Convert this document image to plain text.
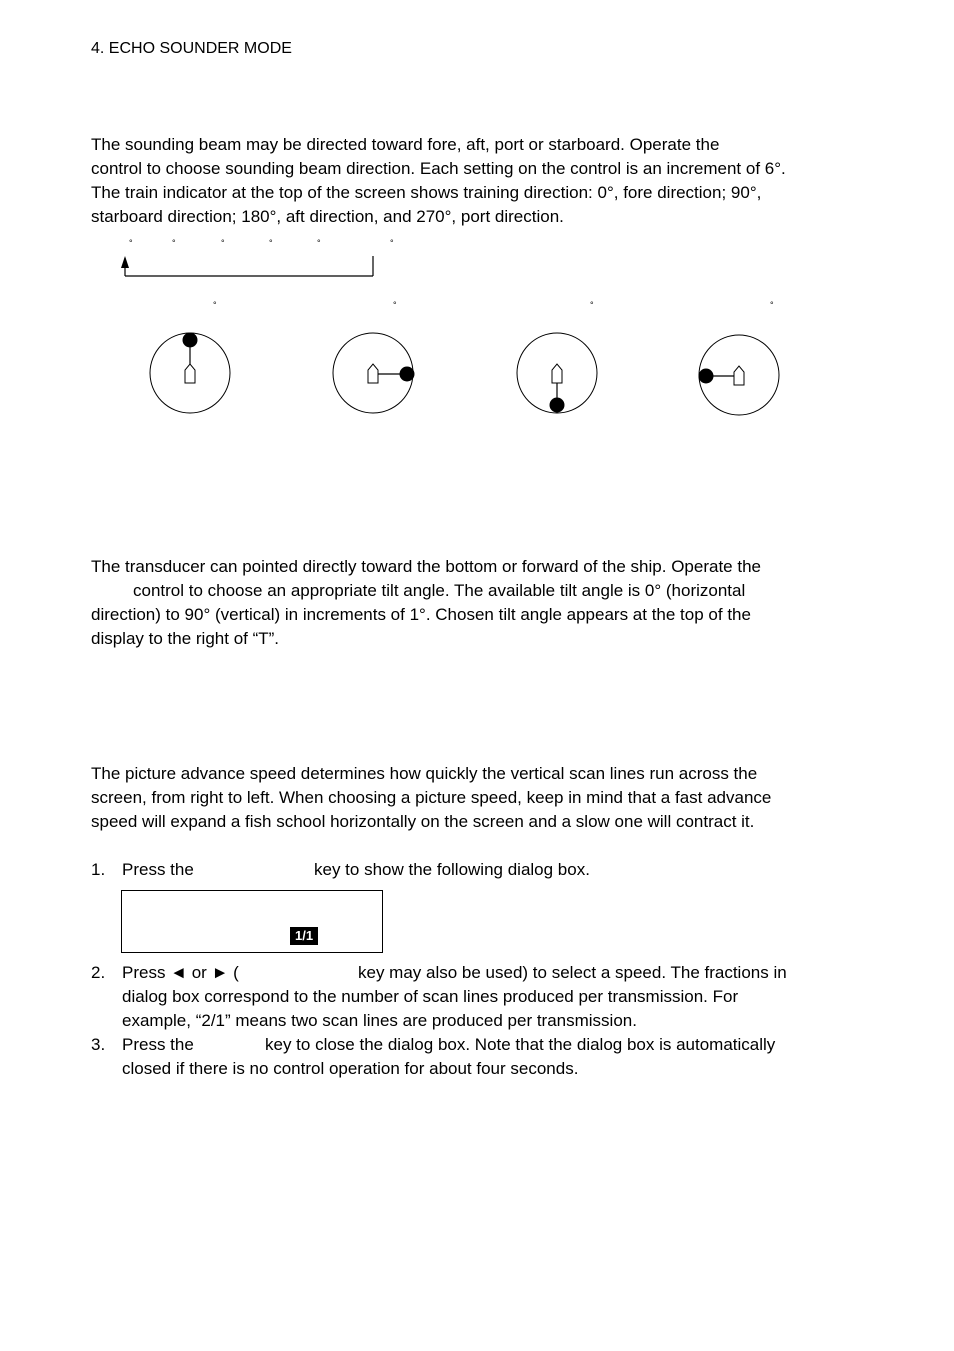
4. ECHO SOUNDER MODE

The sounding beam may be directed toward fore, aft, port or starboard. Operate the

control to choose sounding beam direction. Each setting on the control is an increment of 6°.

The train indicator at the top of the screen shows training direction: 0°, fore direction; 90°,

starboard direction; 180°, aft direction, and 270°, port direction.

°	°	°	°	°	°
°	°	°	°

The transducer can pointed directly toward the bottom or forward of the ship. Operate the

control to choose an appropriate tilt angle. The available tilt angle is 0° (horizontal

direction) to 90° (vertical) in increments of 1°. Chosen tilt angle appears at the top of the

display to the right of “T”.

The picture advance speed determines how quickly the vertical scan lines run across the

screen, from right to left. When choosing a picture speed, keep in mind that a fast advance

speed will expand a fish school horizontally on the screen and a slow one will contract it.

1. Press the	key to show the following dialog box.
1/1
2. Press ◄ or ► (	key may also be used) to select a speed. The fractions in

dialog box correspond to the number of scan lines produced per transmission. For

example, “2/1” means two scan lines are produced per transmission.

3. Press the	key to close the dialog box. Note that the dialog box is automatically

closed if there is no control operation for about four seconds.
